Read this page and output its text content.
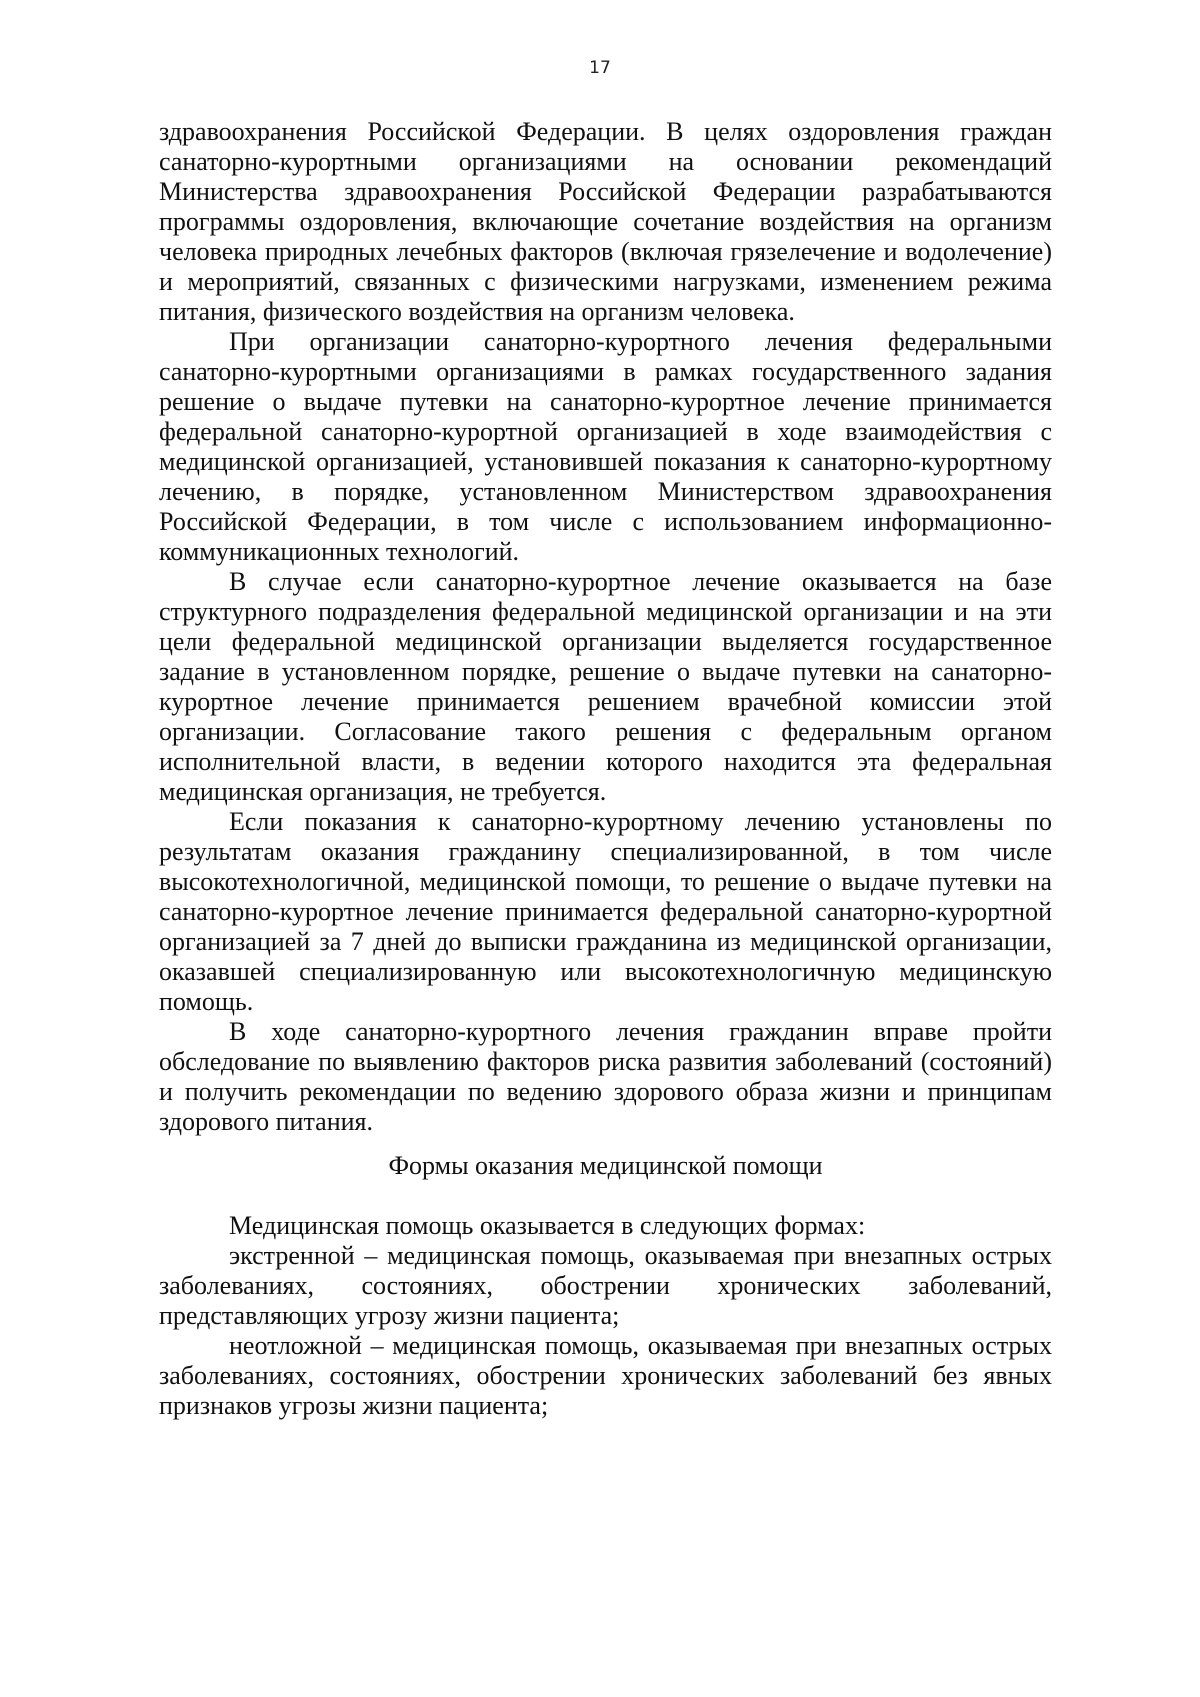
17

здравоохранения Российской Федерации. В целях оздоровления граждан санаторно-курортными организациями на основании рекомендаций Министерства здравоохранения Российской Федерации разрабатываются программы оздоровления, включающие сочетание воздействия на организм человека природных лечебных факторов (включая грязелечение и водолечение) и мероприятий, связанных с физическими нагрузками, изменением режима питания, физического воздействия на организм человека.

При организации санаторно-курортного лечения федеральными санаторно-курортными организациями в рамках государственного задания решение о выдаче путевки на санаторно-курортное лечение принимается федеральной санаторно-курортной организацией в ходе взаимодействия с медицинской организацией, установившей показания к санаторно-курортному лечению, в порядке, установленном Министерством здравоохранения Российской Федерации, в том числе с использованием информационно-коммуникационных технологий.

В случае если санаторно-курортное лечение оказывается на базе структурного подразделения федеральной медицинской организации и на эти цели федеральной медицинской организации выделяется государственное задание в установленном порядке, решение о выдаче путевки на санаторно-курортное лечение принимается решением врачебной комиссии этой организации. Согласование такого решения с федеральным органом исполнительной власти, в ведении которого находится эта федеральная медицинская организация, не требуется.

Если показания к санаторно-курортному лечению установлены по результатам оказания гражданину специализированной, в том числе высокотехнологичной, медицинской помощи, то решение о выдаче путевки на санаторно-курортное лечение принимается федеральной санаторно-курортной организацией за 7 дней до выписки гражданина из медицинской организации, оказавшей специализированную или высокотехнологичную медицинскую помощь.

В ходе санаторно-курортного лечения гражданин вправе пройти обследование по выявлению факторов риска развития заболеваний (состояний) и получить рекомендации по ведению здорового образа жизни и принципам здорового питания.

Формы оказания медицинской помощи

Медицинская помощь оказывается в следующих формах:

экстренной – медицинская помощь, оказываемая при внезапных острых заболеваниях, состояниях, обострении хронических заболеваний, представляющих угрозу жизни пациента;

неотложной – медицинская помощь, оказываемая при внезапных острых заболеваниях, состояниях, обострении хронических заболеваний без явных признаков угрозы жизни пациента;
